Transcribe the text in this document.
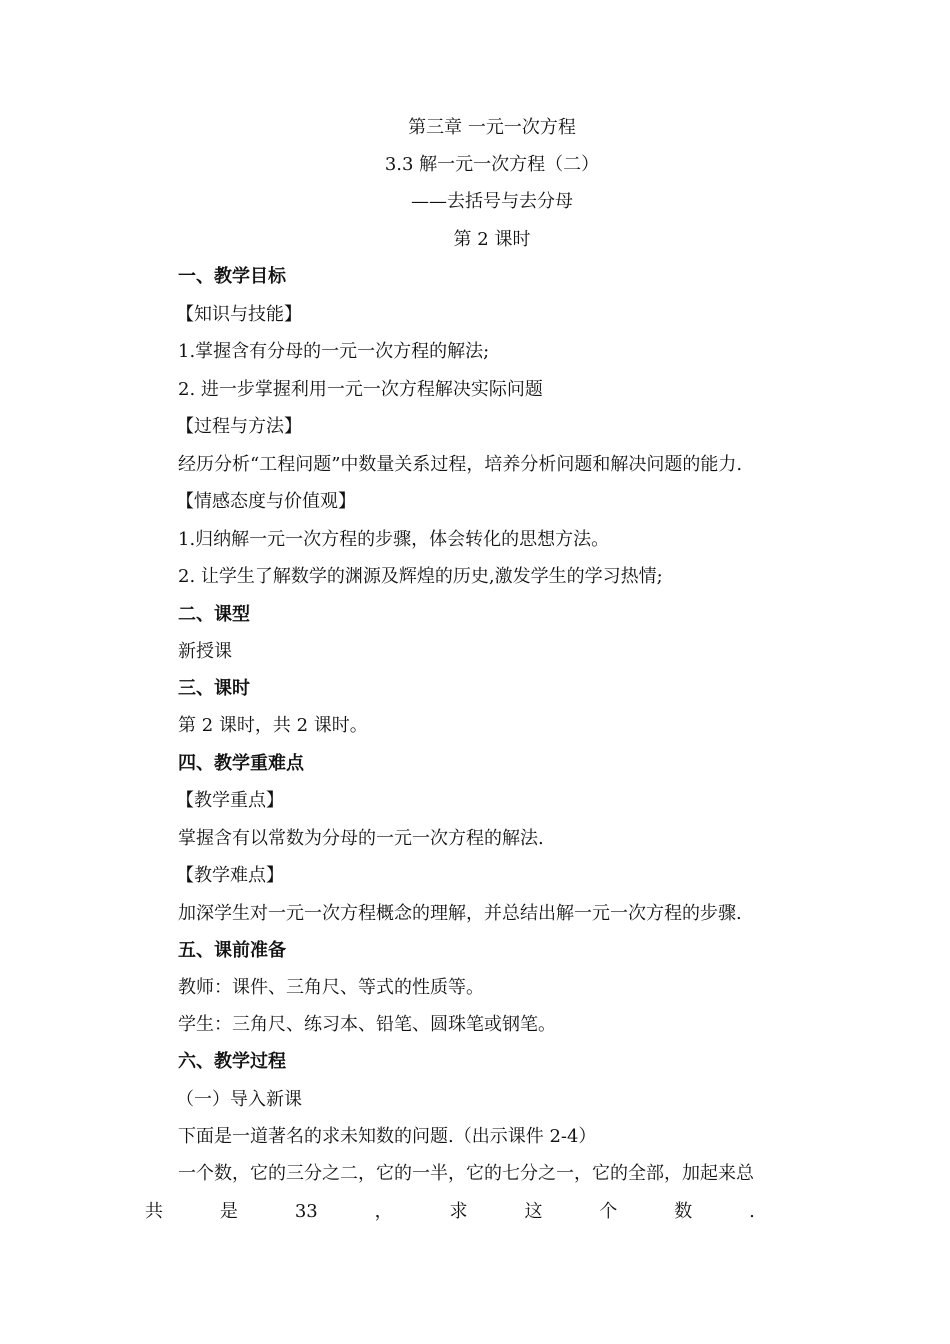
第三章 一元一次方程
3.3 解一元一次方程（二）
——去括号与去分母
第 2 课时
一、教学目标
【知识与技能】
1.掌握含有分母的一元一次方程的解法;
2. 进一步掌握利用一元一次方程解决实际问题
【过程与方法】
经历分析“工程问题”中数量关系过程，培养分析问题和解决问题的能力.
【情感态度与价值观】
1.归纳解一元一次方程的步骤，体会转化的思想方法。
2. 让学生了解数学的渊源及辉煌的历史,激发学生的学习热情;
二、课型
新授课
三、课时
第 2 课时，共 2 课时。
四、教学重难点
【教学重点】
掌握含有以常数为分母的一元一次方程的解法.
【教学难点】
加深学生对一元一次方程概念的理解，并总结出解一元一次方程的步骤.
五、课前准备
教师：课件、三角尺、等式的性质等。
学生：三角尺、练习本、铅笔、圆珠笔或钢笔。
六、教学过程
（一）导入新课
下面是一道著名的求未知数的问题.（出示课件 2-4）
一个数，它的三分之二，它的一半，它的七分之一，它的全部，加起来总
共	是	33	，	求	这	个	数	.
